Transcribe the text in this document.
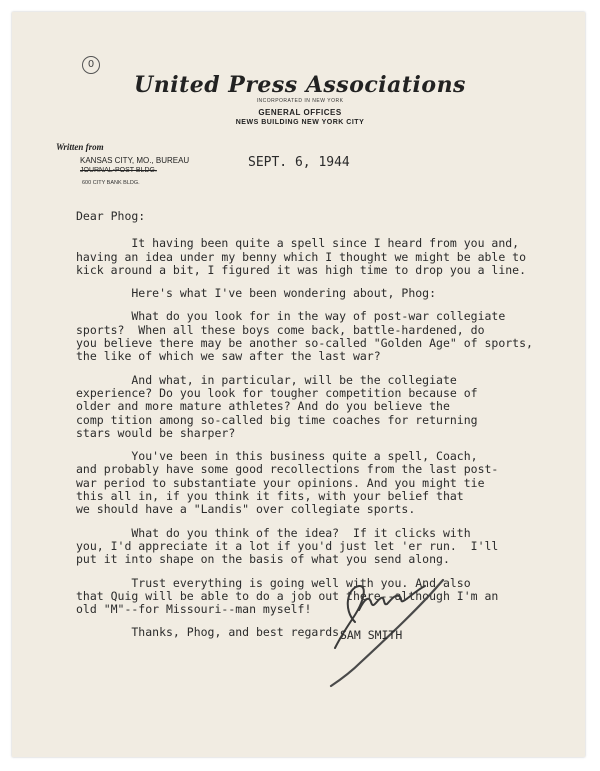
0
United Press Associations
INCORPORATED IN NEW YORK
GENERAL OFFICES
NEWS BUILDING NEW YORK CITY
Written from
KANSAS CITY, MO., BUREAU
JOURNAL-POST BLDG.
600 CITY BANK BLDG.
SEPT. 6, 1944
Dear Phog:
It having been quite a spell since I heard from you and,
having an idea under my benny which I thought we might be able to
kick around a bit, I figured it was high time to drop you a line.
Here's what I've been wondering about, Phog:
What do you look for in the way of post-war collegiate
sports?  When all these boys come back, battle-hardened, do
you believe there may be another so-called "Golden Age" of sports,
the like of which we saw after the last war?
And what, in particular, will be the collegiate
experience? Do you look for tougher competition because of
older and more mature athletes? And do you believe the
comp tition among so-called big time coaches for returning
stars would be sharper?
You've been in this business quite a spell, Coach,
and probably have some good recollections from the last post-
war period to substantiate your opinions. And you might tie
this all in, if you think it fits, with your belief that
we should have a "Landis" over collegiate sports.
What do you think of the idea?  If it clicks with
you, I'd appreciate it a lot if you'd just let 'er run.  I'll
put it into shape on the basis of what you send along.
Trust everything is going well with you. And also
that Quig will be able to do a job out there--although I'm an
old "M"--for Missouri--man myself!
Thanks, Phog, and best regards,
SAM SMITH
